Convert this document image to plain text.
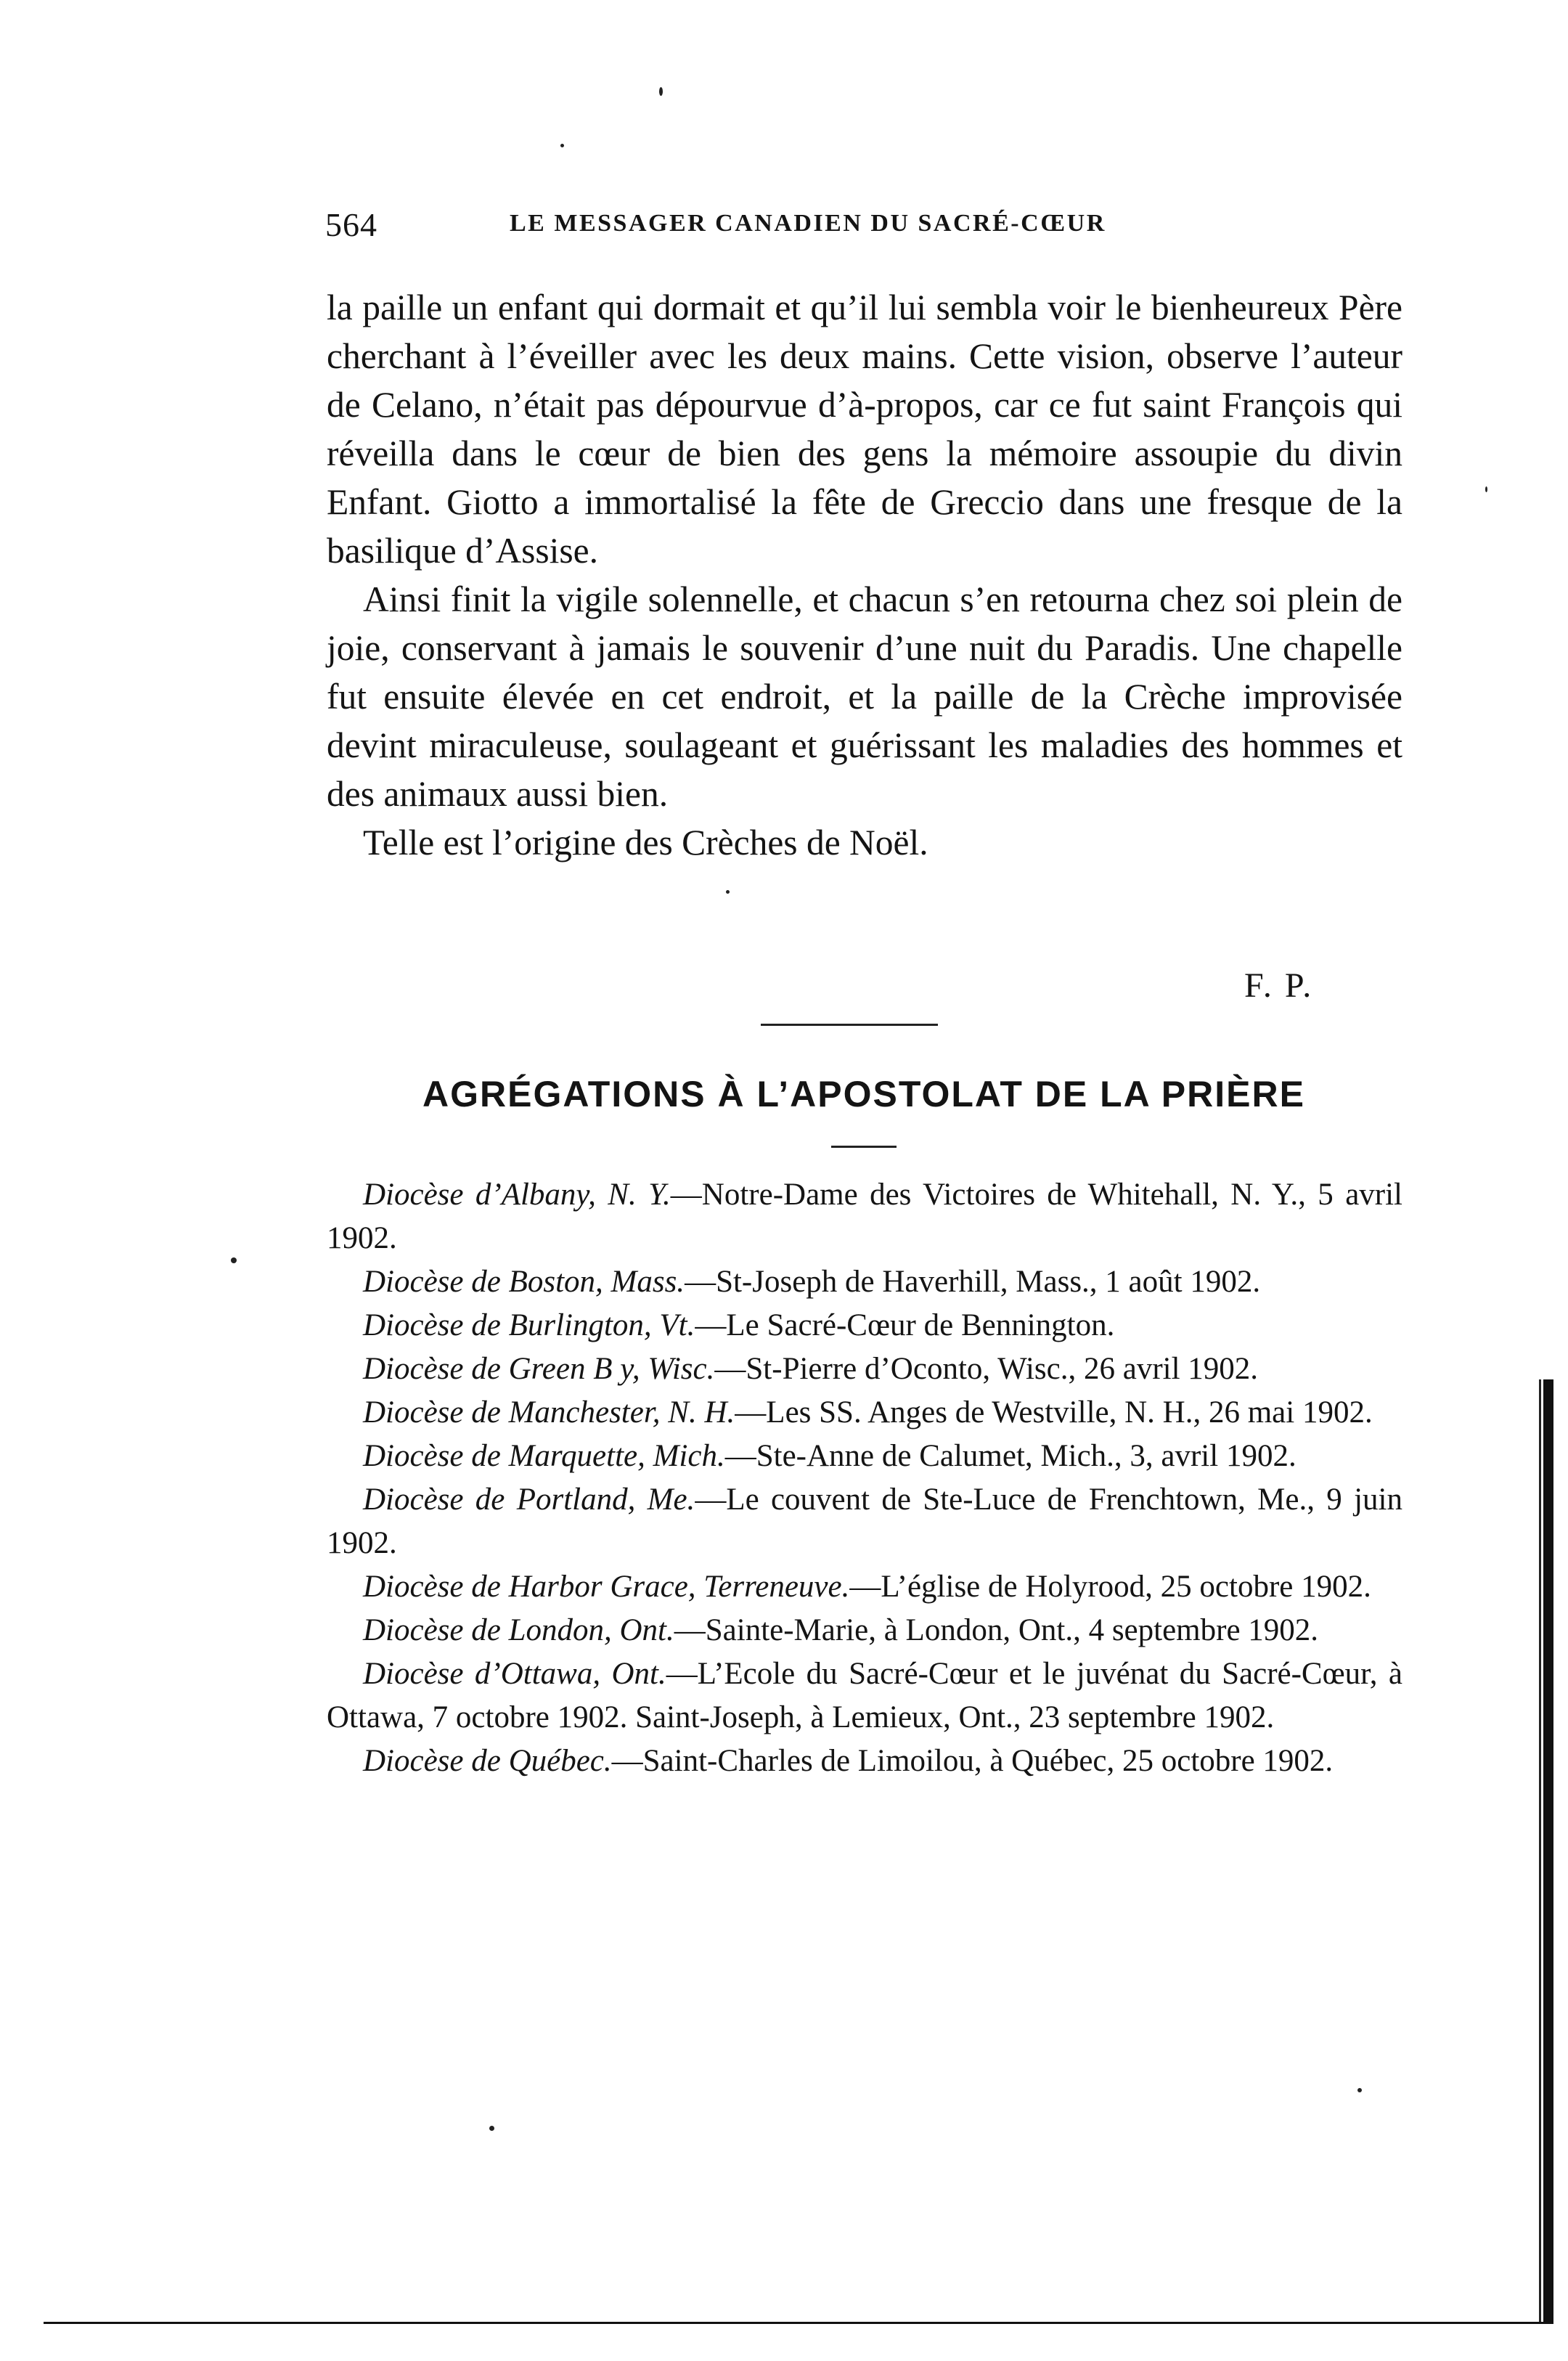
564	LE MESSAGER CANADIEN DU SACRÉ-CŒUR

la paille un enfant qui dormait et qu’il lui sembla voir le bienheureux Père cherchant à l’éveiller avec les deux mains. Cette vision, observe l’auteur de Celano, n’était pas dépourvue d’à-propos, car ce fut saint François qui réveilla dans le cœur de bien des gens la mémoire assoupie du divin Enfant. Giotto a immortalisé la fête de Greccio dans une fresque de la basilique d’Assise.

Ainsi finit la vigile solennelle, et chacun s’en retourna chez soi plein de joie, conservant à jamais le souvenir d’une nuit du Paradis. Une chapelle fut ensuite élevée en cet endroit, et la paille de la Crèche improvisée devint miraculeuse, soulageant et guérissant les maladies des hommes et des animaux aussi bien.

Telle est l’origine des Crèches de Noël.

F. P.
AGRÉGATIONS À L’APOSTOLAT DE LA PRIÈRE

Diocèse d’Albany, N. Y.—Notre-Dame des Victoires de Whitehall, N. Y., 5 avril 1902.

Diocèse de Boston, Mass.—St-Joseph de Haverhill, Mass., 1 août 1902.

Diocèse de Burlington, Vt.—Le Sacré-Cœur de Bennington.

Diocèse de Green B y, Wisc.—St-Pierre d’Oconto, Wisc., 26 avril 1902.

Diocèse de Manchester, N. H.—Les SS. Anges de Westville, N. H., 26 mai 1902.

Diocèse de Marquette, Mich.—Ste-Anne de Calumet, Mich., 3, avril 1902.

Diocèse de Portland, Me.—Le couvent de Ste-Luce de Frenchtown, Me., 9 juin 1902.

Diocèse de Harbor Grace, Terreneuve.—L’église de Holyrood, 25 octobre 1902.

Diocèse de London, Ont.—Sainte-Marie, à London, Ont., 4 septembre 1902.

Diocèse d’Ottawa, Ont.—L’Ecole du Sacré-Cœur et le juvénat du Sacré-Cœur, à Ottawa, 7 octobre 1902. Saint-Joseph, à Lemieux, Ont., 23 septembre 1902.

Diocèse de Québec.—Saint-Charles de Limoilou, à Québec, 25 octobre 1902.
